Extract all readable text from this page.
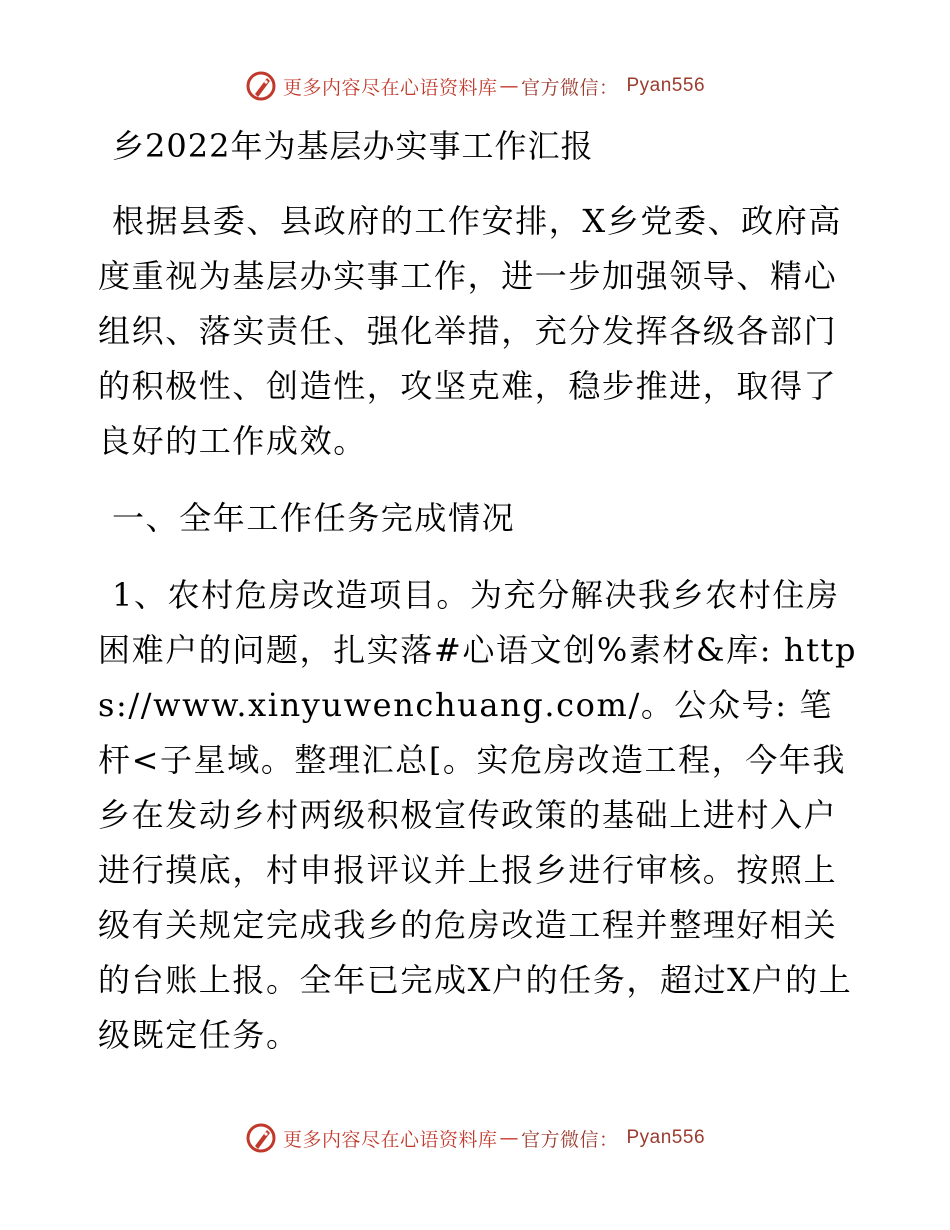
更多内容尽在心语资料库 — 官方微信： Pyan556
乡2022年为基层办实事工作汇报

根据县委、县政府的工作安排，X乡党委、政府高度重视为基层办实事工作，进一步加强领导、精心组织、落实责任、强化举措，充分发挥各级各部门的积极性、创造性，攻坚克难，稳步推进，取得了良好的工作成效。

一、全年工作任务完成情况

1、农村危房改造项目。为充分解决我乡农村住房困难户的问题，扎实落#心语文创%素材&库: https://www.xinyuwenchuang.com/。公众号: 笔杆<子星域。整理汇总[。实危房改造工程，今年我乡在发动乡村两级积极宣传政策的基础上进村入户进行摸底，村申报评议并上报乡进行审核。按照上级有关规定完成我乡的危房改造工程并整理好相关的台账上报。全年已完成X户的任务，超过X户的上级既定任务。

更多内容尽在心语资料库 — 官方微信： Pyan556
